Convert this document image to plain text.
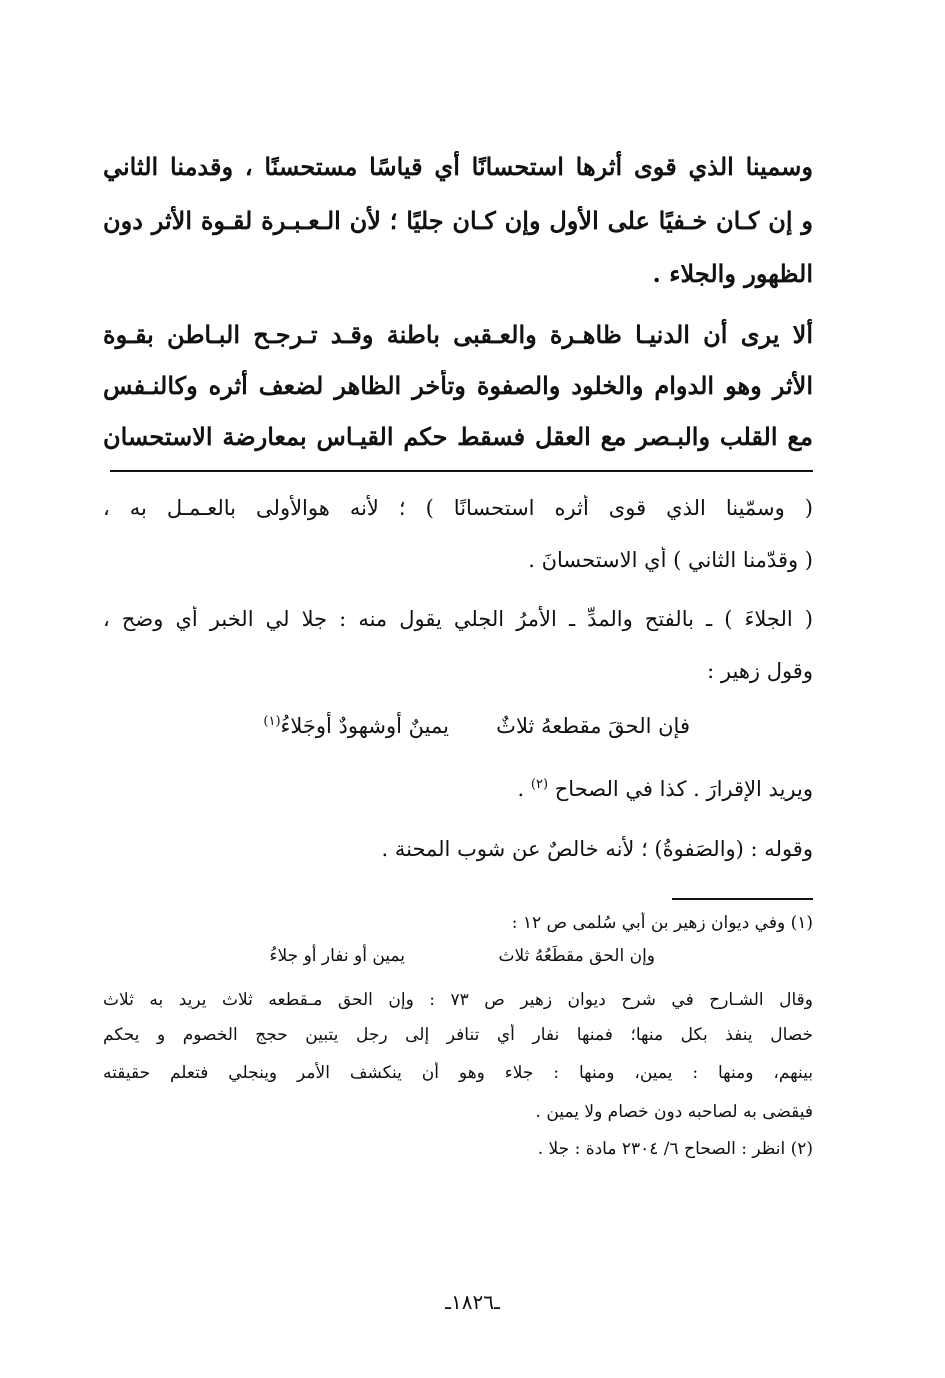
وسمينا الذي قوى أثرها استحسانًا أي قياسًا مستحسنًا ، وقدمنا الثاني
و إن كـان خـفيًا على الأول وإن كـان جليًا ؛ لأن الـعـبـرة لقـوة الأثر دون
الظهور والجلاء .
ألا يرى أن الدنيـا ظاهـرة والعـقبى باطنة وقـد تـرجـح البـاطن بقـوة
الأثر وهو الدوام والخلود والصفوة وتأخر الظاهر لضعف أثره وكالنـفس
مع القلب والبـصر مع العقل فسقط حكم القيـاس بمعارضة الاستحسان
( وسمّينا الذي قوى أثره استحسانًا ) ؛ لأنه هوالأولى بالعـمـل به ،
( وقدّمنا الثاني ) أي الاستحسانَ .
( الجلاءَ ) ـ بالفتح والمدِّ ـ الأمرُ الجلي يقول منه : جلا لي الخبر أي وضح ،
وقول زهير :
فإن الحقَ مقطعهُ ثلاثٌ
يمينٌ أوشهودٌ أوجَلاءُ$^{(١)}$
ويريد الإقرارَ . كذا في الصحاح $^{(٢)}$ .
وقوله : (والصَفوةُ) ؛ لأنه خالصٌ عن شوب المحنة .
(١) وفي ديوان زهير بن أبي سُلمى ص ١٢ :
وإن الحق مقطَعُهُ ثلاث
يمين أو نفار أو جلاءُ
وقال الشـارح في شرح ديوان زهير ص ٧٣ : وإن الحق مـقطعه ثلاث يريد به ثلاث
خصال ينفذ بكل منها؛ فمنها نفار أي تنافر إلى رجل يتبين حجج الخصوم و يحكم
بينهم، ومنها : يمين، ومنها : جلاء وهو أن ينكشف الأمر وينجلي فتعلم حقيقته
فيقضى به لصاحبه دون خصام ولا يمين .
(٢) انظر : الصحاح ٦/ ٢٣٠٤ مادة : جلا .
ـ١٨٢٦ـ
